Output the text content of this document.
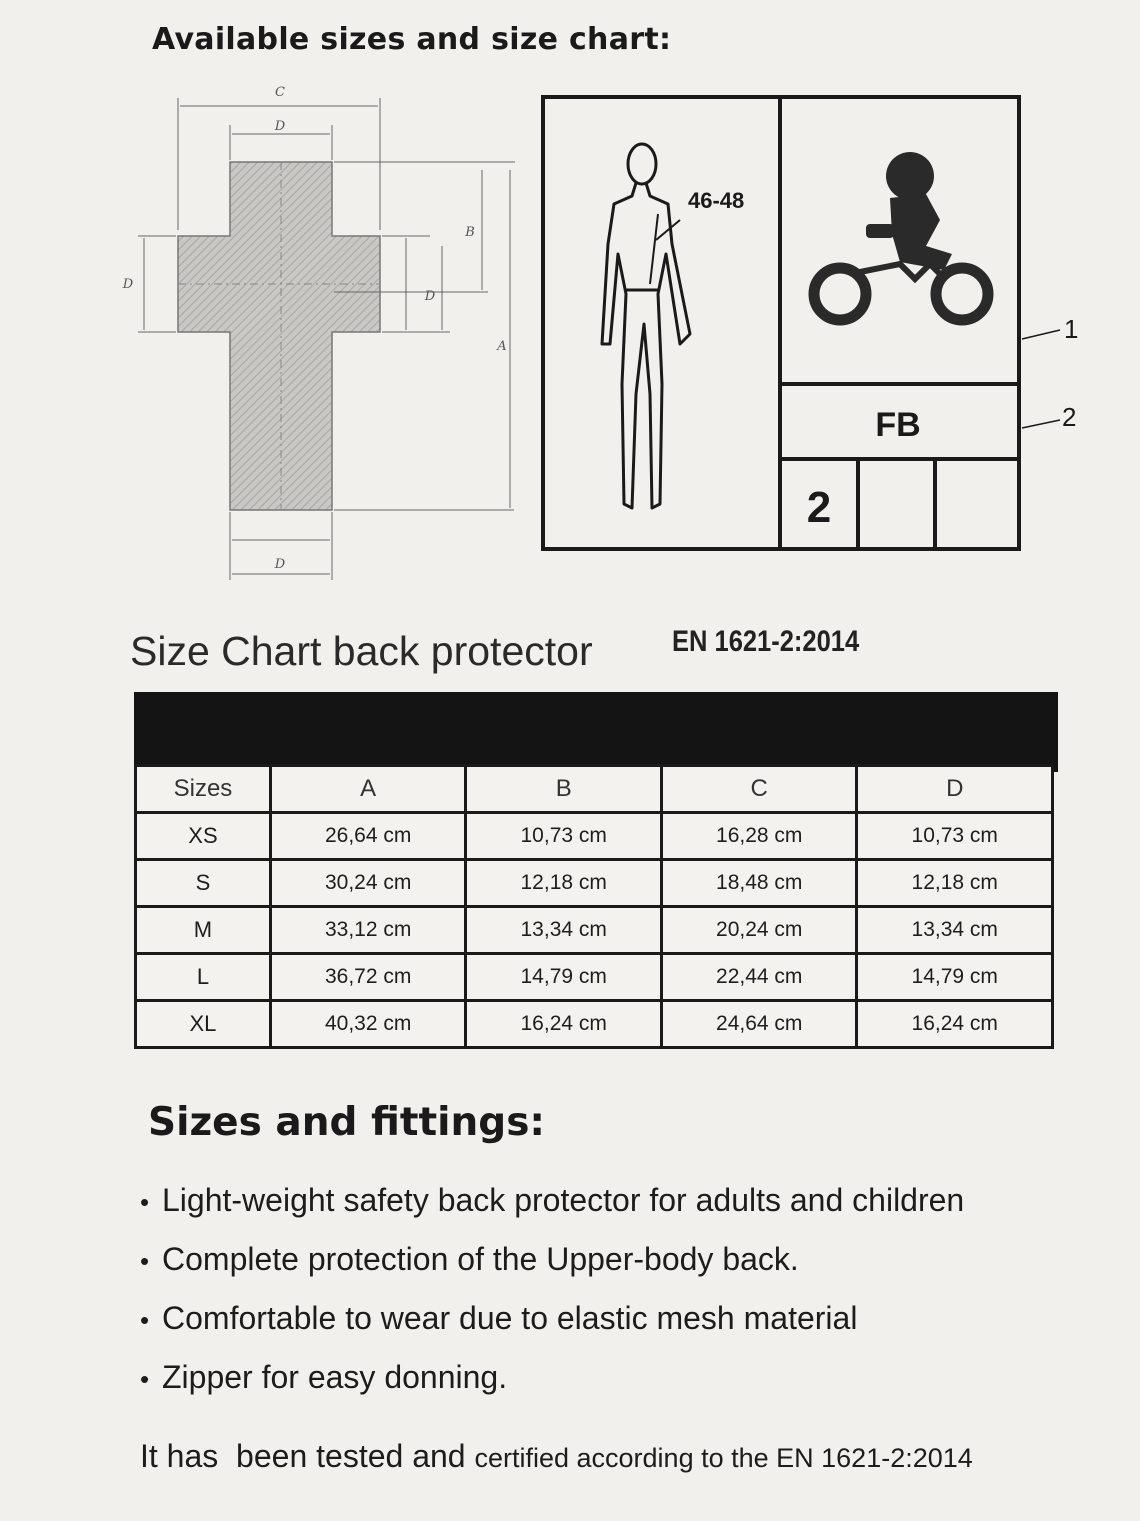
Available sizes and size chart:
C
D
D
B
D
A
D
46-48
FB
2
1
2
Size Chart back protector	EN 1621-2:2014
Sizes	A	B	C	D
XS	26,64 cm	10,73 cm	16,28 cm	10,73 cm
S	30,24 cm	12,18 cm	18,48 cm	12,18 cm
M	33,12 cm	13,34 cm	20,24 cm	13,34 cm
L	36,72 cm	14,79 cm	22,44 cm	14,79 cm
XL	40,32 cm	16,24 cm	24,64 cm	16,24 cm
Sizes and fittings:
• Light-weight safety back protector for adults and children
• Complete protection of the Upper-body back.
• Comfortable to wear due to elastic mesh material
• Zipper for easy donning.
It has  been tested and certified according to the EN 1621-2:2014
